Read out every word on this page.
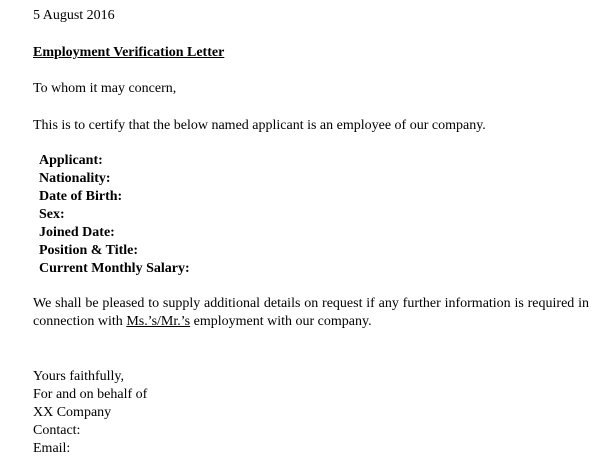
5 August 2016
Employment Verification Letter
To whom it may concern,
This is to certify that the below named applicant is an employee of our company.
Applicant:
Nationality:
Date of Birth:
Sex:
Joined Date:
Position & Title:
Current Monthly Salary:
We shall be pleased to supply additional details on request if any further information is required in
connection with Ms.’s/Mr.’s employment with our company.
Yours faithfully,
For and on behalf of
XX Company
Contact:
Email:
